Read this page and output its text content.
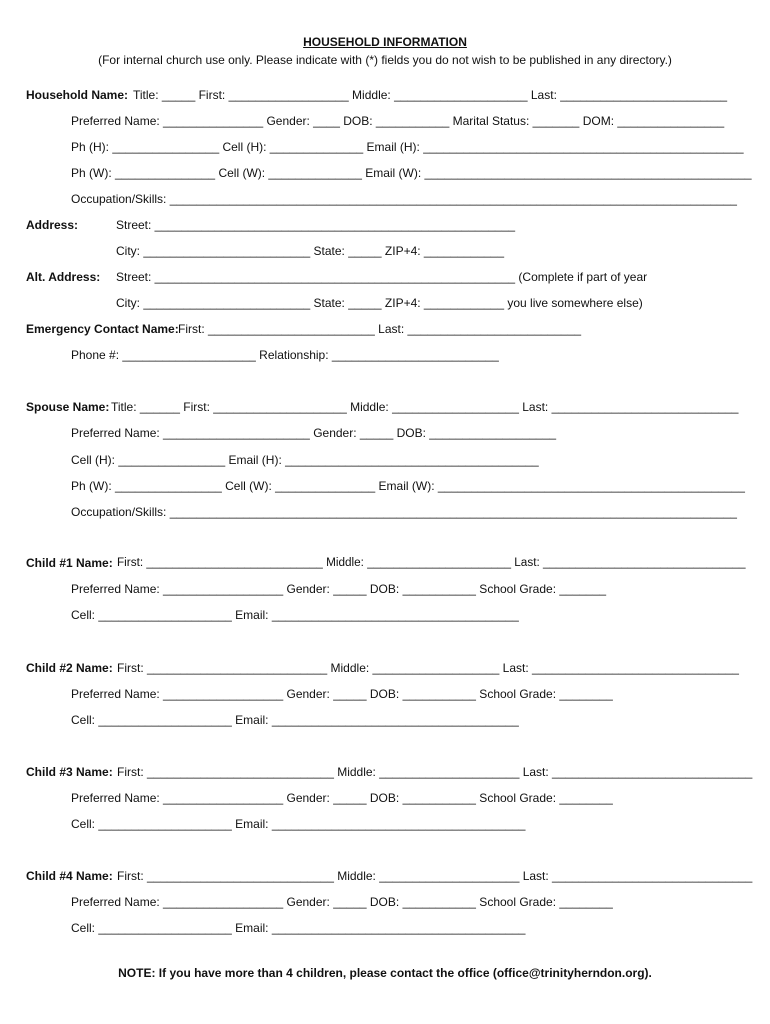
HOUSEHOLD INFORMATION
(For internal church use only. Please indicate with (*) fields you do not wish to be published in any directory.)
Household Name: Title: _____ First: __________________ Middle: ____________________ Last: _________________________
Preferred Name: _______________ Gender: ____ DOB: ___________ Marital Status: _______ DOM: ________________
Ph (H): ________________ Cell (H): ______________ Email (H): ________________________________________________
Ph (W): _______________ Cell (W): ______________ Email (W): _________________________________________________
Occupation/Skills: _____________________________________________________________________________________
Address:	Street: ______________________________________________________
City: _________________________ State: _____ ZIP+4: ____________
Alt. Address: Street: ______________________________________________________ (Complete if part of year
City: _________________________ State: _____ ZIP+4: ____________ you live somewhere else)
Emergency Contact Name: First: _________________________ Last: __________________________
Phone #: ____________________ Relationship: _________________________
Spouse Name: Title: ______ First: ____________________ Middle: ___________________ Last: ____________________________
Preferred Name: ______________________ Gender: _____ DOB: ___________________
Cell (H): ________________ Email (H): ______________________________________
Ph (W): ________________ Cell (W): _______________ Email (W): ______________________________________________
Occupation/Skills: _____________________________________________________________________________________
Child #1 Name: First: ___________________________ Middle: ______________________ Last: _______________________________
Preferred Name: __________________ Gender: _____ DOB: ___________ School Grade: _______
Cell: ____________________ Email: _____________________________________
Child #2 Name: First: ___________________________ Middle: ___________________ Last: _______________________________
Preferred Name: __________________ Gender: _____ DOB: ___________ School Grade: ________
Cell: ____________________ Email: _____________________________________
Child #3 Name: First: ____________________________ Middle: _____________________ Last: ______________________________
Preferred Name: __________________ Gender: _____ DOB: ___________ School Grade: ________
Cell: ____________________ Email: ______________________________________
Child #4 Name: First: ____________________________ Middle: _____________________ Last: ______________________________
Preferred Name: __________________ Gender: _____ DOB: ___________ School Grade: ________
Cell: ____________________ Email: ______________________________________
NOTE: If you have more than 4 children, please contact the office (office@trinityherndon.org).
